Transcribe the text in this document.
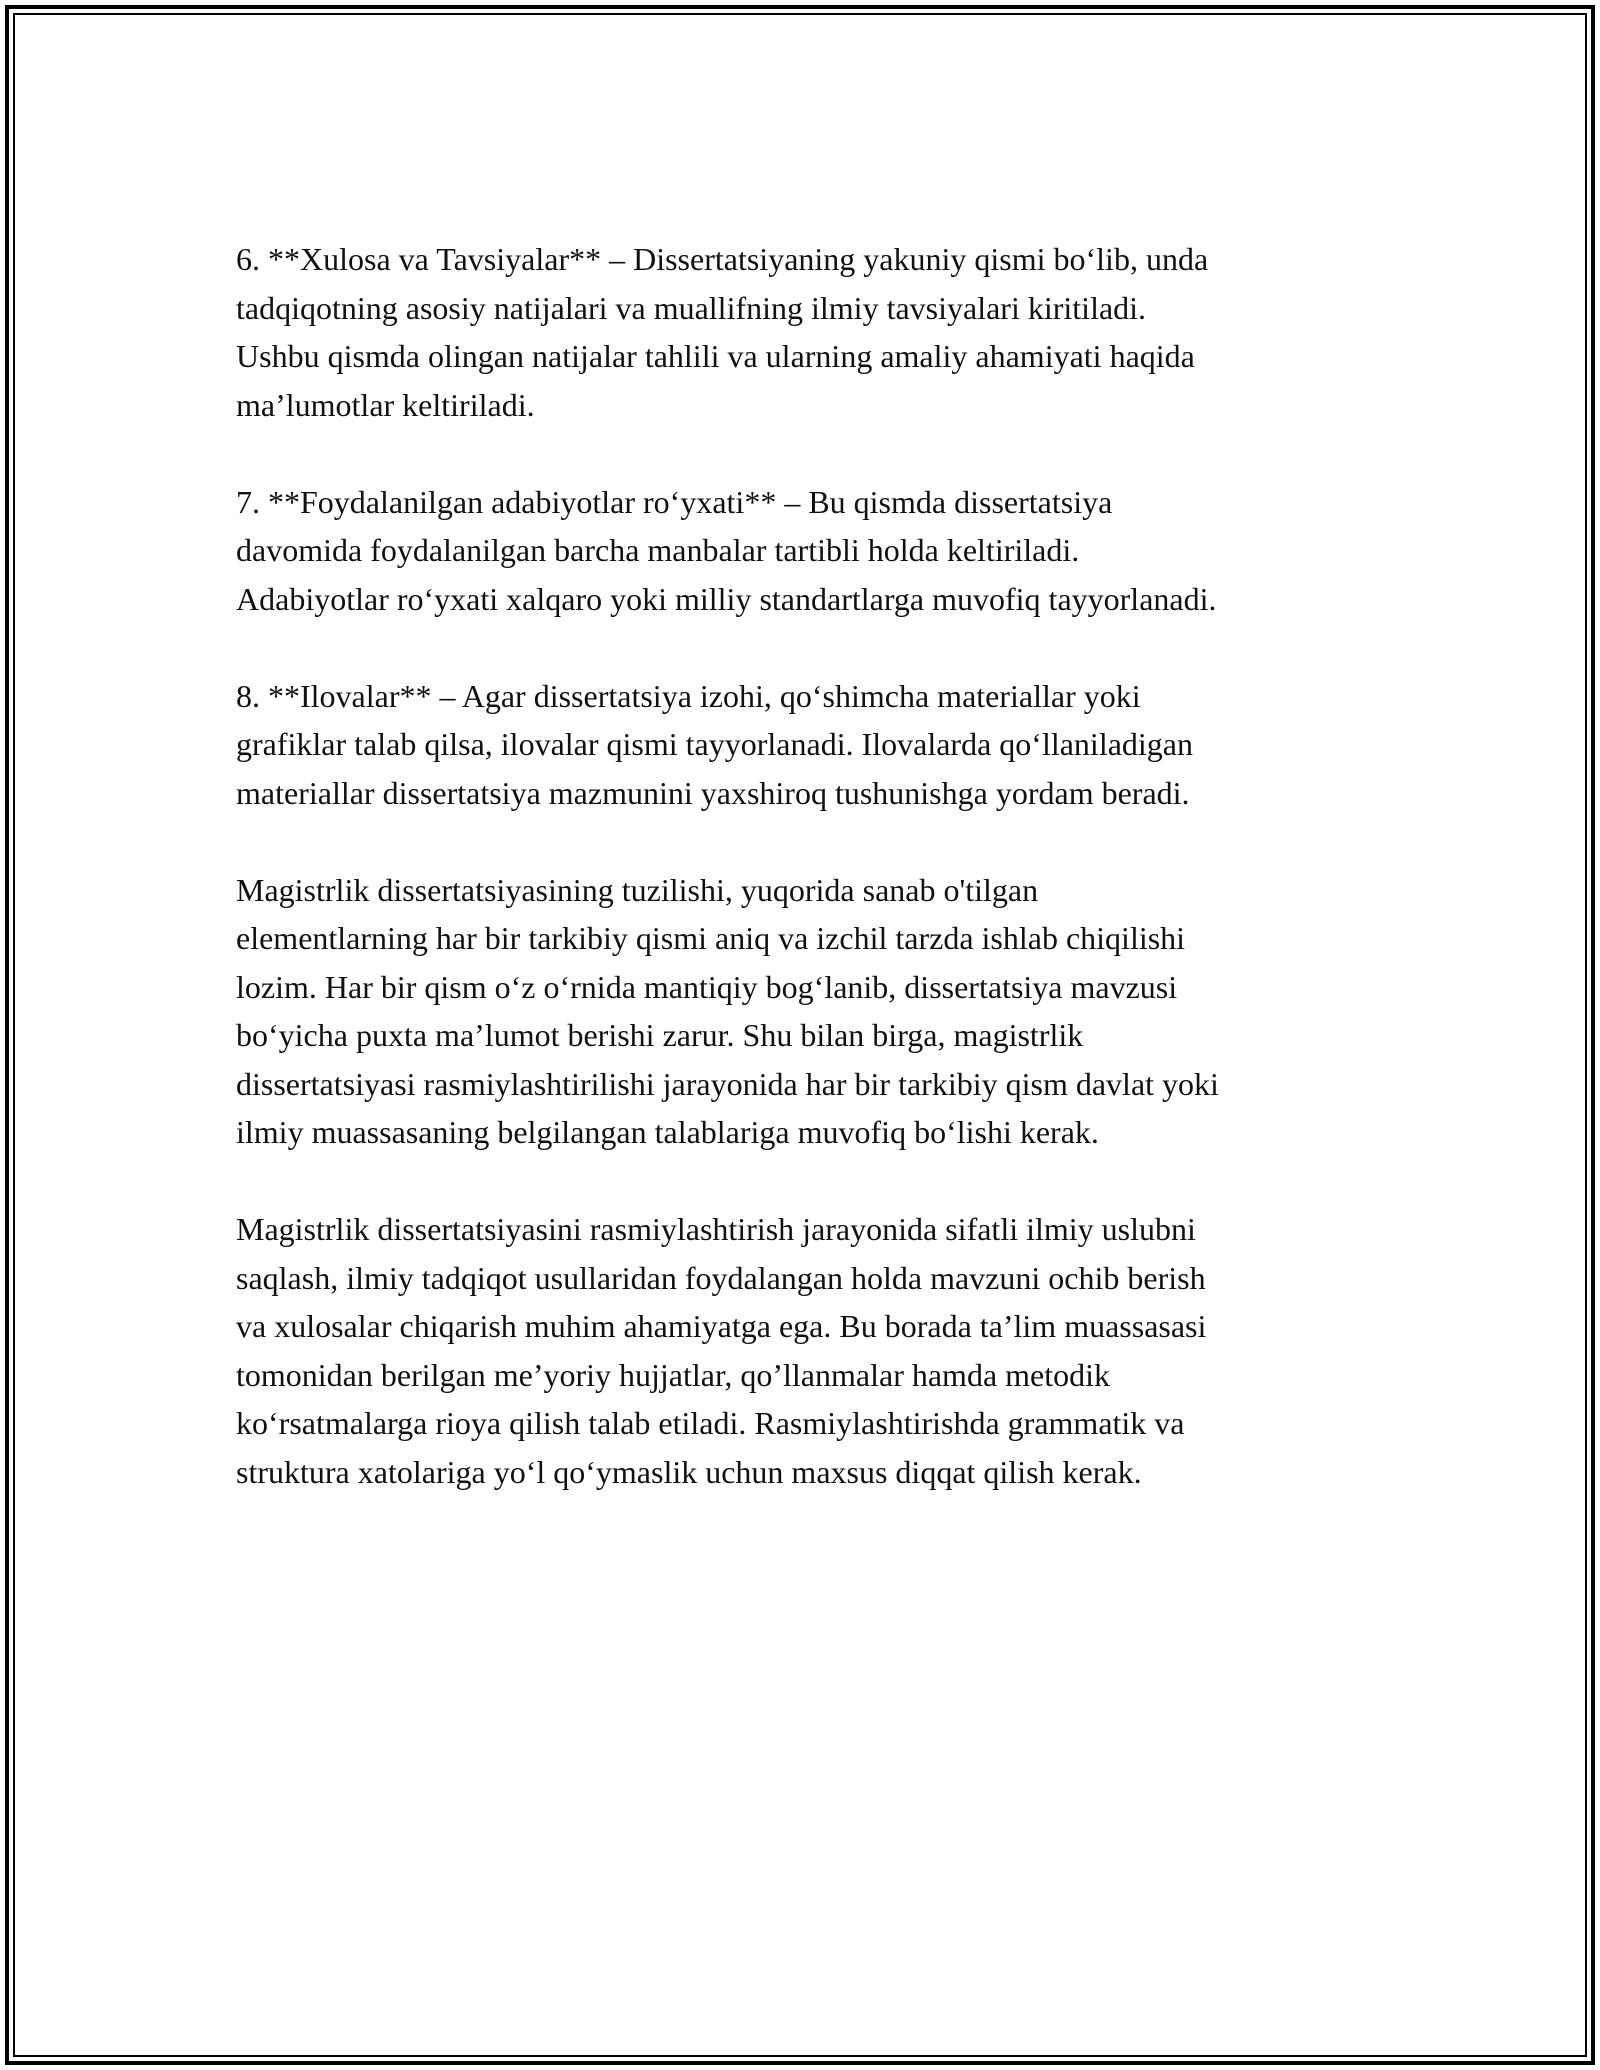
6. **Xulosa va Tavsiyalar** – Dissertatsiyaning yakuniy qismi bo‘lib, unda
tadqiqotning asosiy natijalari va muallifning ilmiy tavsiyalari kiritiladi.
Ushbu qismda olingan natijalar tahlili va ularning amaliy ahamiyati haqida
ma’lumotlar keltiriladi.

7. **Foydalanilgan adabiyotlar ro‘yxati** – Bu qismda dissertatsiya
davomida foydalanilgan barcha manbalar tartibli holda keltiriladi.
Adabiyotlar ro‘yxati xalqaro yoki milliy standartlarga muvofiq tayyorlanadi.

8. **Ilovalar** – Agar dissertatsiya izohi, qo‘shimcha materiallar yoki
grafiklar talab qilsa, ilovalar qismi tayyorlanadi. Ilovalarda qo‘llaniladigan
materiallar dissertatsiya mazmunini yaxshiroq tushunishga yordam beradi.

Magistrlik dissertatsiyasining tuzilishi, yuqorida sanab o'tilgan
elementlarning har bir tarkibiy qismi aniq va izchil tarzda ishlab chiqilishi
lozim. Har bir qism o‘z o‘rnida mantiqiy bog‘lanib, dissertatsiya mavzusi
bo‘yicha puxta ma’lumot berishi zarur. Shu bilan birga, magistrlik
dissertatsiyasi rasmiylashtirilishi jarayonida har bir tarkibiy qism davlat yoki
ilmiy muassasaning belgilangan talablariga muvofiq bo‘lishi kerak.

Magistrlik dissertatsiyasini rasmiylashtirish jarayonida sifatli ilmiy uslubni
saqlash, ilmiy tadqiqot usullaridan foydalangan holda mavzuni ochib berish
va xulosalar chiqarish muhim ahamiyatga ega. Bu borada ta’lim muassasasi
tomonidan berilgan me’yoriy hujjatlar, qo’llanmalar hamda metodik
ko‘rsatmalarga rioya qilish talab etiladi. Rasmiylashtirishda grammatik va
struktura xatolariga yo‘l qo‘ymaslik uchun maxsus diqqat qilish kerak.
